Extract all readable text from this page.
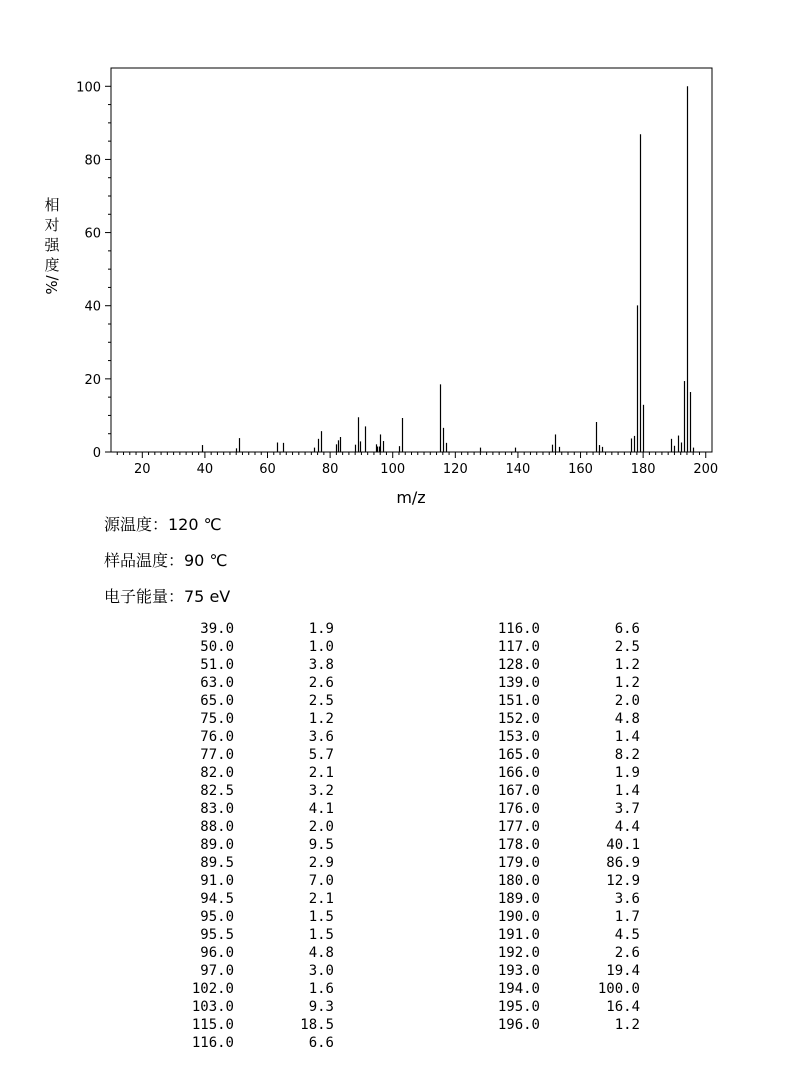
20	40	60	80	100	120	140	160	180	200
0
20
40
60
80
100
m/z
相
对
强
度
%/
源温度：120 ℃
样品温度：90 ℃
电子能量：75 eV
39.0	1.9
50.0	1.0
51.0	3.8
63.0	2.6
65.0	2.5
75.0	1.2
76.0	3.6
77.0	5.7
82.0	2.1
82.5	3.2
83.0	4.1
88.0	2.0
89.0	9.5
89.5	2.9
91.0	7.0
94.5	2.1
95.0	1.5
95.5	1.5
96.0	4.8
97.0	3.0
102.0	1.6
103.0	9.3
115.0	18.5
116.0	6.6
116.0	6.6
117.0	2.5
128.0	1.2
139.0	1.2
151.0	2.0
152.0	4.8
153.0	1.4
165.0	8.2
166.0	1.9
167.0	1.4
176.0	3.7
177.0	4.4
178.0	40.1
179.0	86.9
180.0	12.9
189.0	3.6
190.0	1.7
191.0	4.5
192.0	2.6
193.0	19.4
194.0	100.0
195.0	16.4
196.0	1.2
